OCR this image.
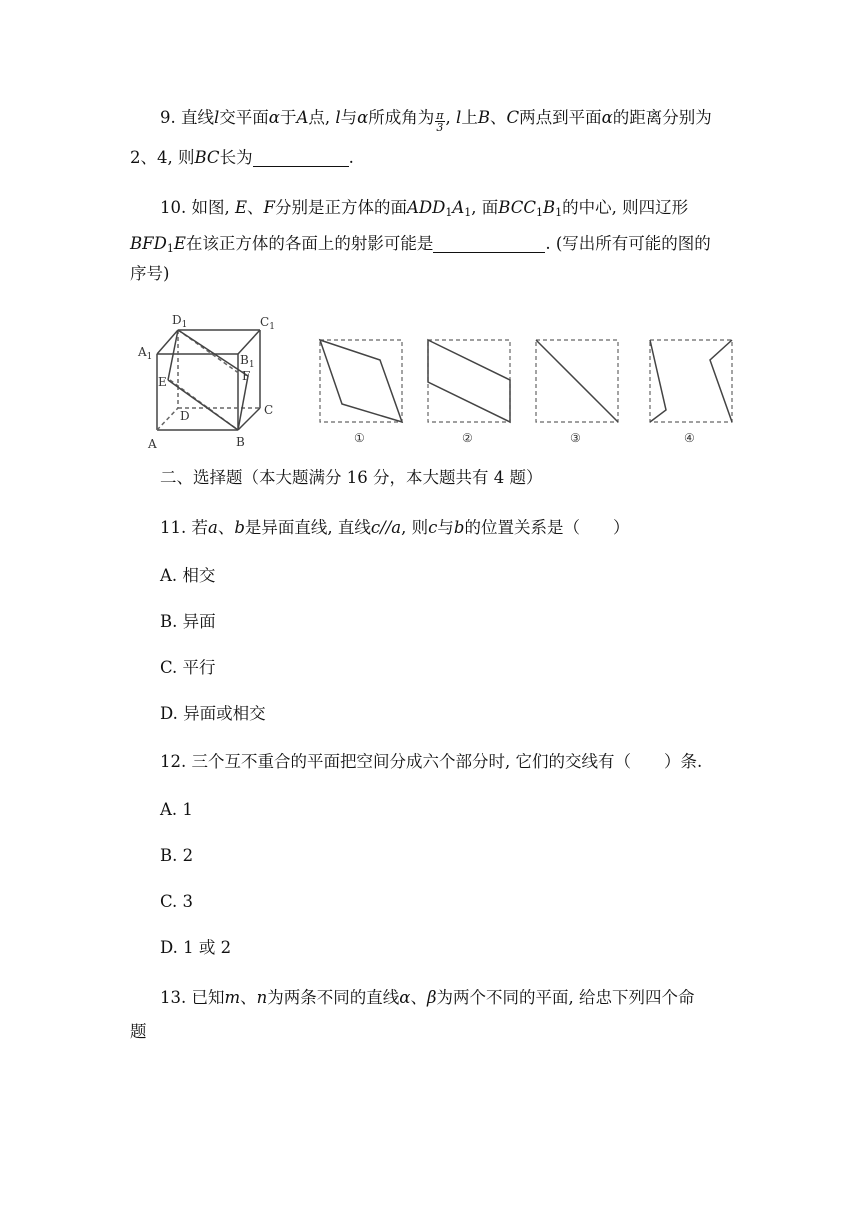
9. 直线l交平面α于A点, l与α所成角为 $\frac{\pi}{3}$ , l上B、C两点到平面α的距离分别为
2、4, 则BC长为	.
10. 如图, E、F分别是正方体的面$ADD_1A_1$, 面$BCC_1B_1$的中心, 则四辽形
$BFD_1E$在该正方体的各面上的射影可能是	. (写出所有可能的图的
序号)
$D_1$	$C_1$
$A_1$	$B_1$
E	F
D	C
A	B	①	②	③	④
二、选择题（本大题满分 16 分，本大题共有 4 题）
11. 若a、b是异面直线, 直线c//a, 则c与b的位置关系是（　　）
A. 相交
B. 异面
C. 平行
D. 异面或相交
12. 三个互不重合的平面把空间分成六个部分时, 它们的交线有（　　）条.
A. 1
B. 2
C. 3
D. 1 或 2
13. 已知m、n为两条不同的直线α、β为两个不同的平面, 给忠下列四个命
题
